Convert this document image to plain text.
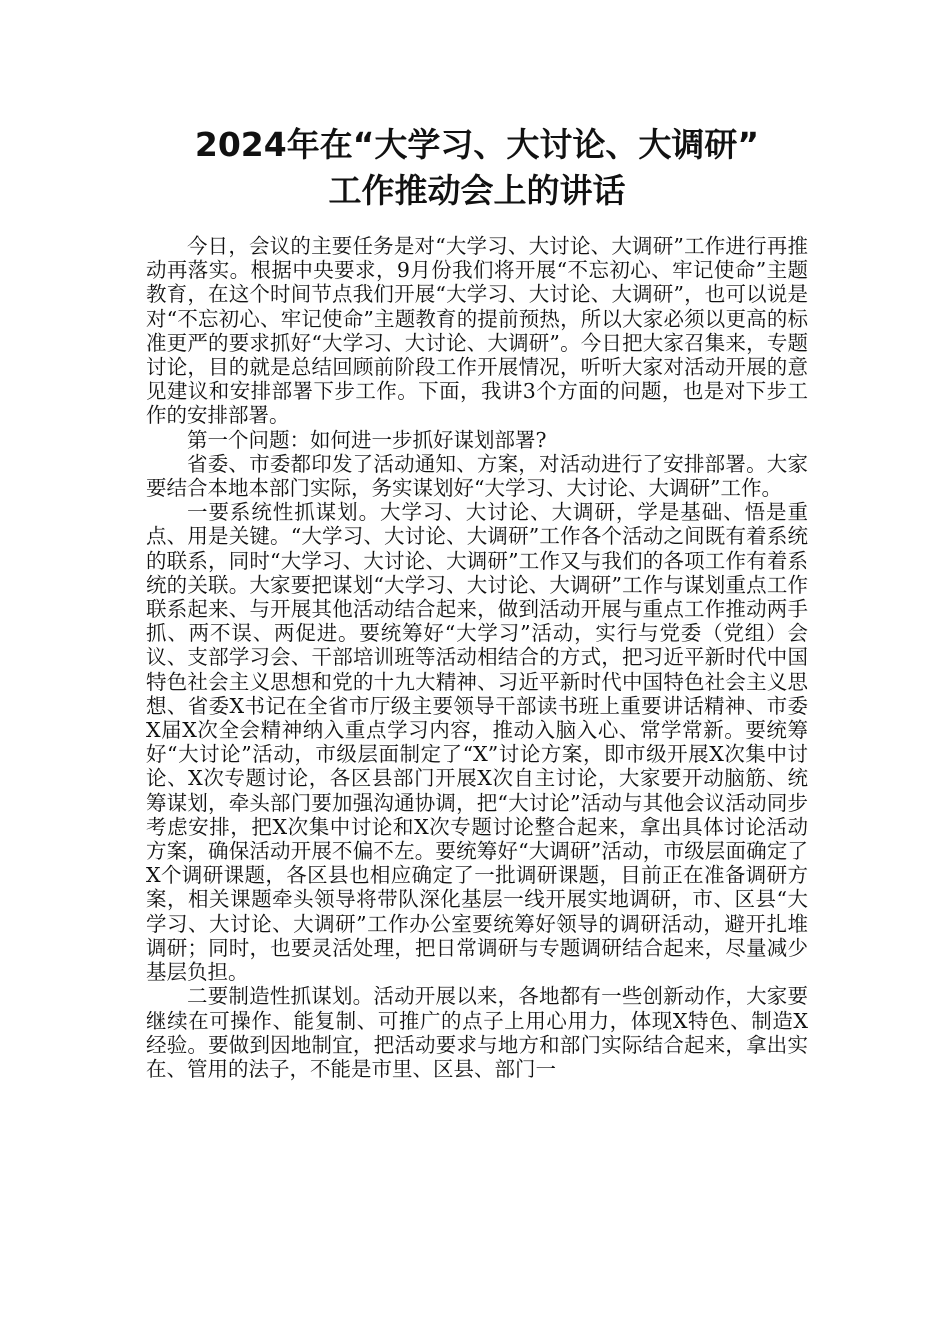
2024年在“大学习、大讨论、大调研”
工作推动会上的讲话

今日，会议的主要任务是对“大学习、大讨论、大调研”工作进行再推动再落实。根据中央要求，9月份我们将开展“不忘初心、牢记使命”主题教育，在这个时间节点我们开展“大学习、大讨论、大调研”，也可以说是对“不忘初心、牢记使命”主题教育的提前预热，所以大家必须以更高的标准更严的要求抓好“大学习、大讨论、大调研”。今日把大家召集来，专题讨论，目的就是总结回顾前阶段工作开展情况，听听大家对活动开展的意见建议和安排部署下步工作。下面，我讲3个方面的问题，也是对下步工作的安排部署。

第一个问题：如何进一步抓好谋划部署?

省委、市委都印发了活动通知、方案，对活动进行了安排部署。大家要结合本地本部门实际，务实谋划好“大学习、大讨论、大调研”工作。

一要系统性抓谋划。大学习、大讨论、大调研，学是基础、悟是重点、用是关键。“大学习、大讨论、大调研”工作各个活动之间既有着系统的联系，同时“大学习、大讨论、大调研”工作又与我们的各项工作有着系统的关联。大家要把谋划“大学习、大讨论、大调研”工作与谋划重点工作联系起来、与开展其他活动结合起来，做到活动开展与重点工作推动两手抓、两不误、两促进。要统筹好“大学习”活动，实行与党委（党组）会议、支部学习会、干部培训班等活动相结合的方式，把习近平新时代中国特色社会主义思想和党的十九大精神、习近平新时代中国特色社会主义思想、省委X书记在全省市厅级主要领导干部读书班上重要讲话精神、市委X届X次全会精神纳入重点学习内容，推动入脑入心、常学常新。要统筹好“大讨论”活动，市级层面制定了“X”讨论方案，即市级开展X次集中讨论、X次专题讨论，各区县部门开展X次自主讨论，大家要开动脑筋、统筹谋划，牵头部门要加强沟通协调，把“大讨论”活动与其他会议活动同步考虑安排，把X次集中讨论和X次专题讨论整合起来，拿出具体讨论活动方案，确保活动开展不偏不左。要统筹好“大调研”活动，市级层面确定了X个调研课题，各区县也相应确定了一批调研课题，目前正在准备调研方案，相关课题牵头领导将带队深化基层一线开展实地调研，市、区县“大学习、大讨论、大调研”工作办公室要统筹好领导的调研活动，避开扎堆调研；同时，也要灵活处理，把日常调研与专题调研结合起来，尽量减少基层负担。

二要制造性抓谋划。活动开展以来，各地都有一些创新动作，大家要继续在可操作、能复制、可推广的点子上用心用力，体现X特色、制造X经验。要做到因地制宜，把活动要求与地方和部门实际结合起来，拿出实在、管用的法子，不能是市里、区县、部门一
